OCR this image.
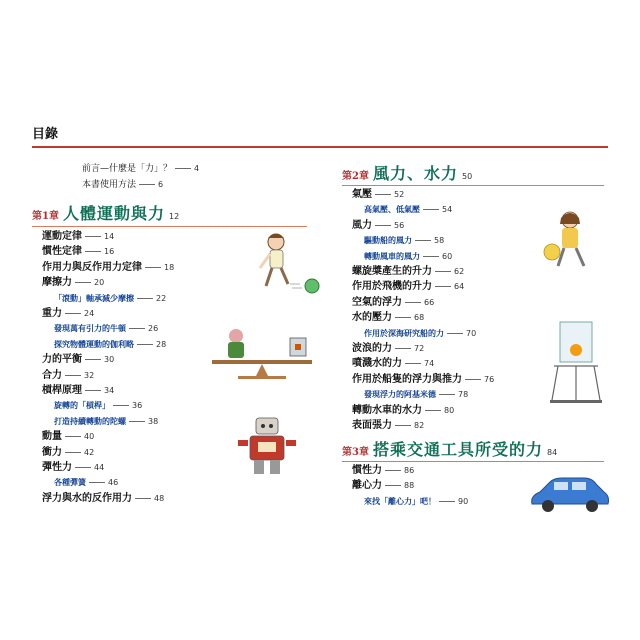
目錄
前言—什麼是「力」？	4
本書使用方法	6
第1章 人體運動與力 12
運動定律	14
慣性定律	16
作用力與反作用力定律	18
摩擦力	20
「滾動」軸承減少摩擦	22
重力	24
發現萬有引力的牛頓	26
探究物體運動的伽利略	28
力的平衡	30
合力	32
槓桿原理	34
旋轉的「槓桿」	36
打造持續轉動的陀螺	38
動量	40
衝力	42
彈性力	44
各種彈簧	46
浮力與水的反作用力	48
第2章 風力、水力 50
氣壓	52
高氣壓、低氣壓	54
風力	56
驅動船的風力	58
轉動風車的風力	60
螺旋槳產生的升力	62
作用於飛機的升力	64
空氣的浮力	66
水的壓力	68
作用於深海研究船的力	70
波浪的力	72
噴濺水的力	74
作用於船隻的浮力與推力	76
發現浮力的阿基米德	78
轉動水車的水力	80
表面張力	82
第3章 搭乘交通工具所受的力 84
慣性力	86
離心力	88
來找「離心力」吧！	90
